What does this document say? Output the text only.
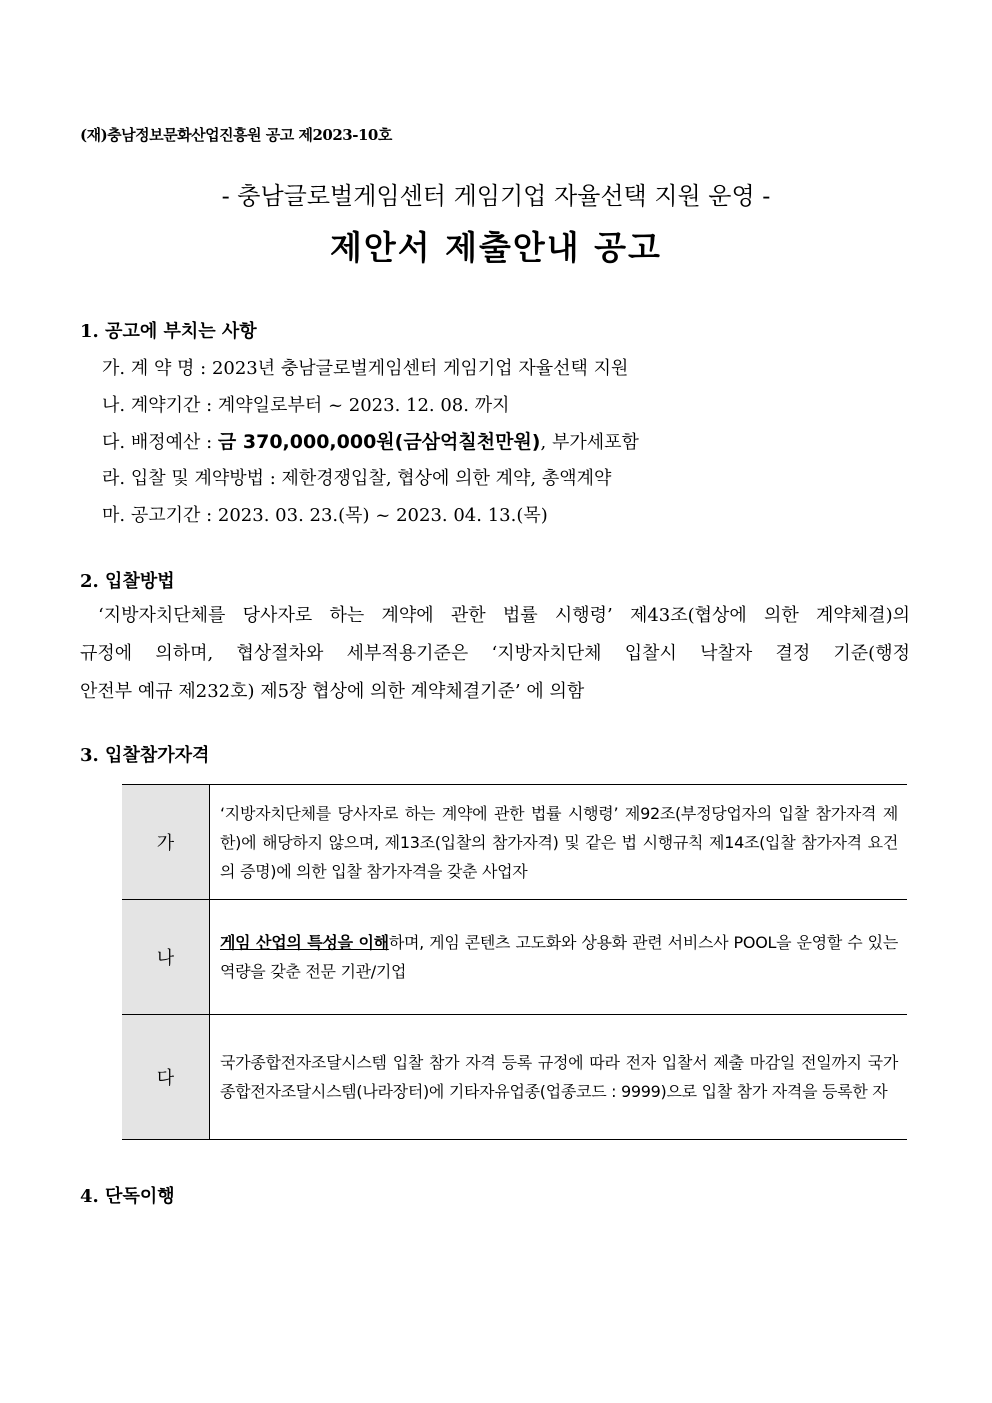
(재)충남정보문화산업진흥원 공고 제2023-10호
- 충남글로벌게임센터 게임기업 자율선택 지원 운영 -
제안서 제출안내 공고
1. 공고에 부치는 사항
가. 계 약 명 : 2023년 충남글로벌게임센터 게임기업 자율선택 지원
나. 계약기간 : 계약일로부터 ~ 2023. 12. 08. 까지
다. 배정예산 : 금 370,000,000원(금삼억칠천만원), 부가세포함
라. 입찰 및 계약방법 : 제한경쟁입찰, 협상에 의한 계약, 총액계약
마. 공고기간 : 2023. 03. 23.(목) ~ 2023. 04. 13.(목)
2. 입찰방법
‘지방자치단체를 당사자로 하는 계약에 관한 법률 시행령’ 제43조(협상에 의한 계약체결)의
규정에 의하며, 협상절차와 세부적용기준은 ‘지방자치단체 입찰시 낙찰자 결정 기준(행정
안전부 예규 제232호) 제5장 협상에 의한 계약체결기준’ 에 의함
3. 입찰참가자격
가	‘지방자치단체를 당사자로 하는 계약에 관한 법률 시행령’ 제92조(부정당업자의 입찰 참가자격 제한)에 해당하지 않으며, 제13조(입찰의 참가자격) 및 같은 법 시행규칙 제14조(입찰 참가자격 요건의 증명)에 의한 입찰 참가자격을 갖춘 사업자
나	게임 산업의 특성을 이해하며, 게임 콘텐츠 고도화와 상용화 관련 서비스사 POOL을 운영할 수 있는 역량을 갖춘 전문 기관/기업
다	국가종합전자조달시스템 입찰 참가 자격 등록 규정에 따라 전자 입찰서 제출 마감일 전일까지 국가종합전자조달시스템(나라장터)에 기타자유업종(업종코드 : 9999)으로 입찰 참가 자격을 등록한 자
4. 단독이행
